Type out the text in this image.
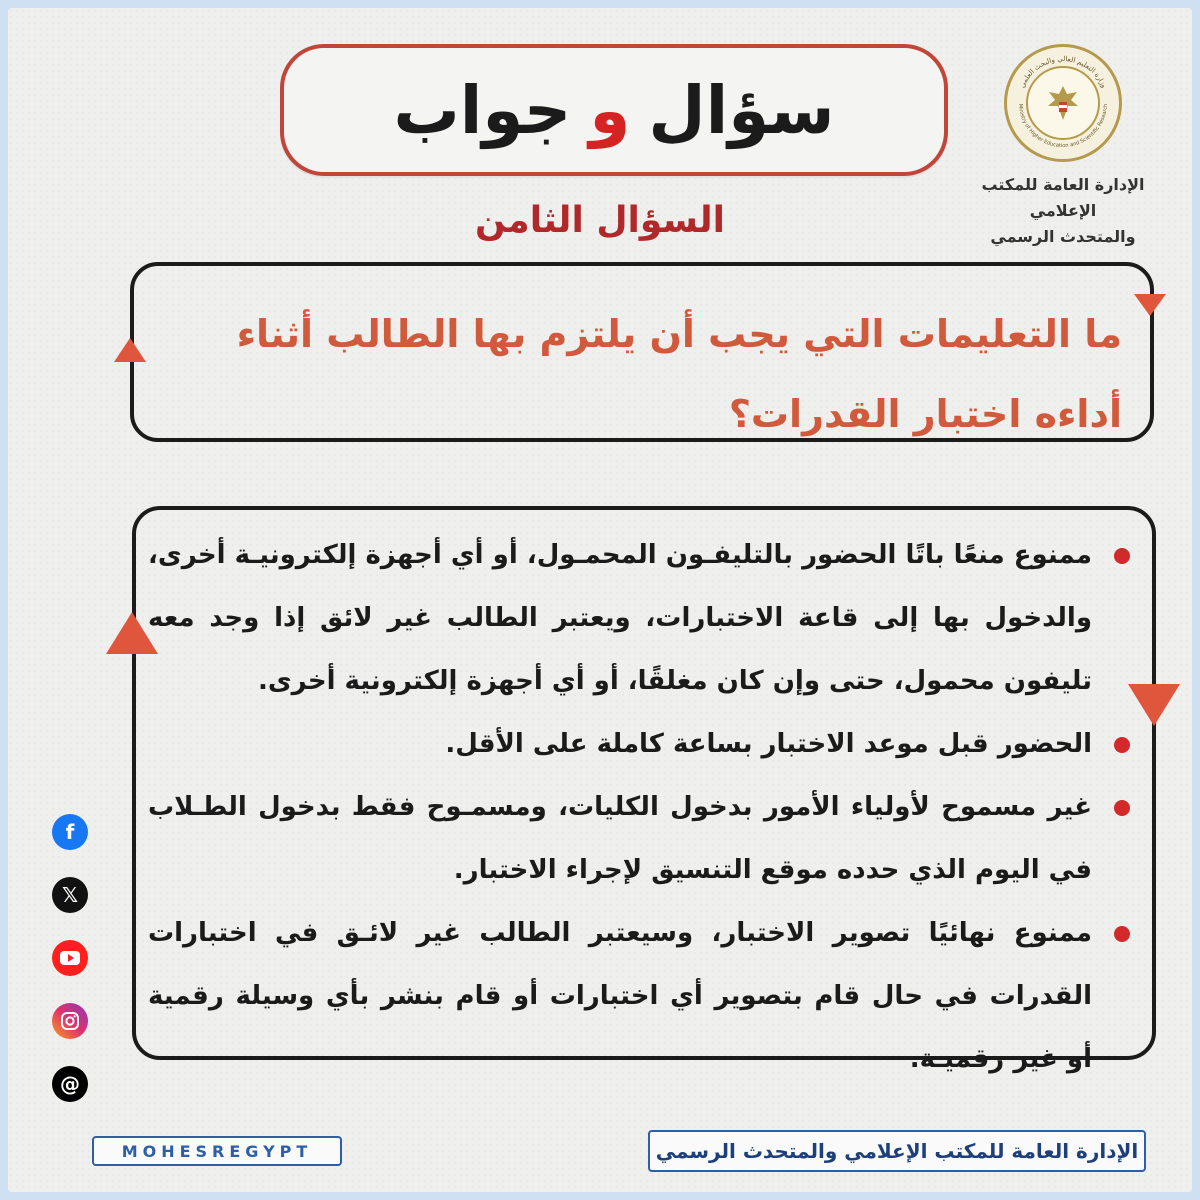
سؤال
و
جواب	وزارة التعليم العالي والبحث العلمي
Ministry of Higher Education and Scientific Research
الإدارة العامة للمكتب الإعلامي
والمتحدث الرسمي
السؤال الثامن
ما التعليمات التي يجب أن يلتزم بها الطالب أثناء
أداءه اختبار القدرات؟
ممنوع منعًا باتًا الحضور بالتليفـون المحمـول، أو أي أجهزة إلكترونيـة أخرى، والدخول بها إلى قاعة الاختبارات، ويعتبر الطالب غير لائق إذا وجد معه تليفون محمول، حتى وإن كان مغلقًا، أو أي أجهزة إلكترونية أخرى.
الحضور قبل موعد الاختبار بساعة كاملة على الأقل.
غير مسموح لأولياء الأمور بدخول الكليات، ومسمـوح فقط بدخول الطـلاب في اليوم الذي حدده موقع التنسيق لإجراء الاختبار.
ممنوع نهائيًا تصوير الاختبار، وسيعتبر الطالب غير لائـق في اختبارات القدرات في حال قام بتصوير أي اختبارات أو قام بنشر بأي وسيلة رقمية أو غير رقميـة.
f
𝕏
@
MOHESREGYPT	الإدارة العامة للمكتب الإعلامي والمتحدث الرسمي
